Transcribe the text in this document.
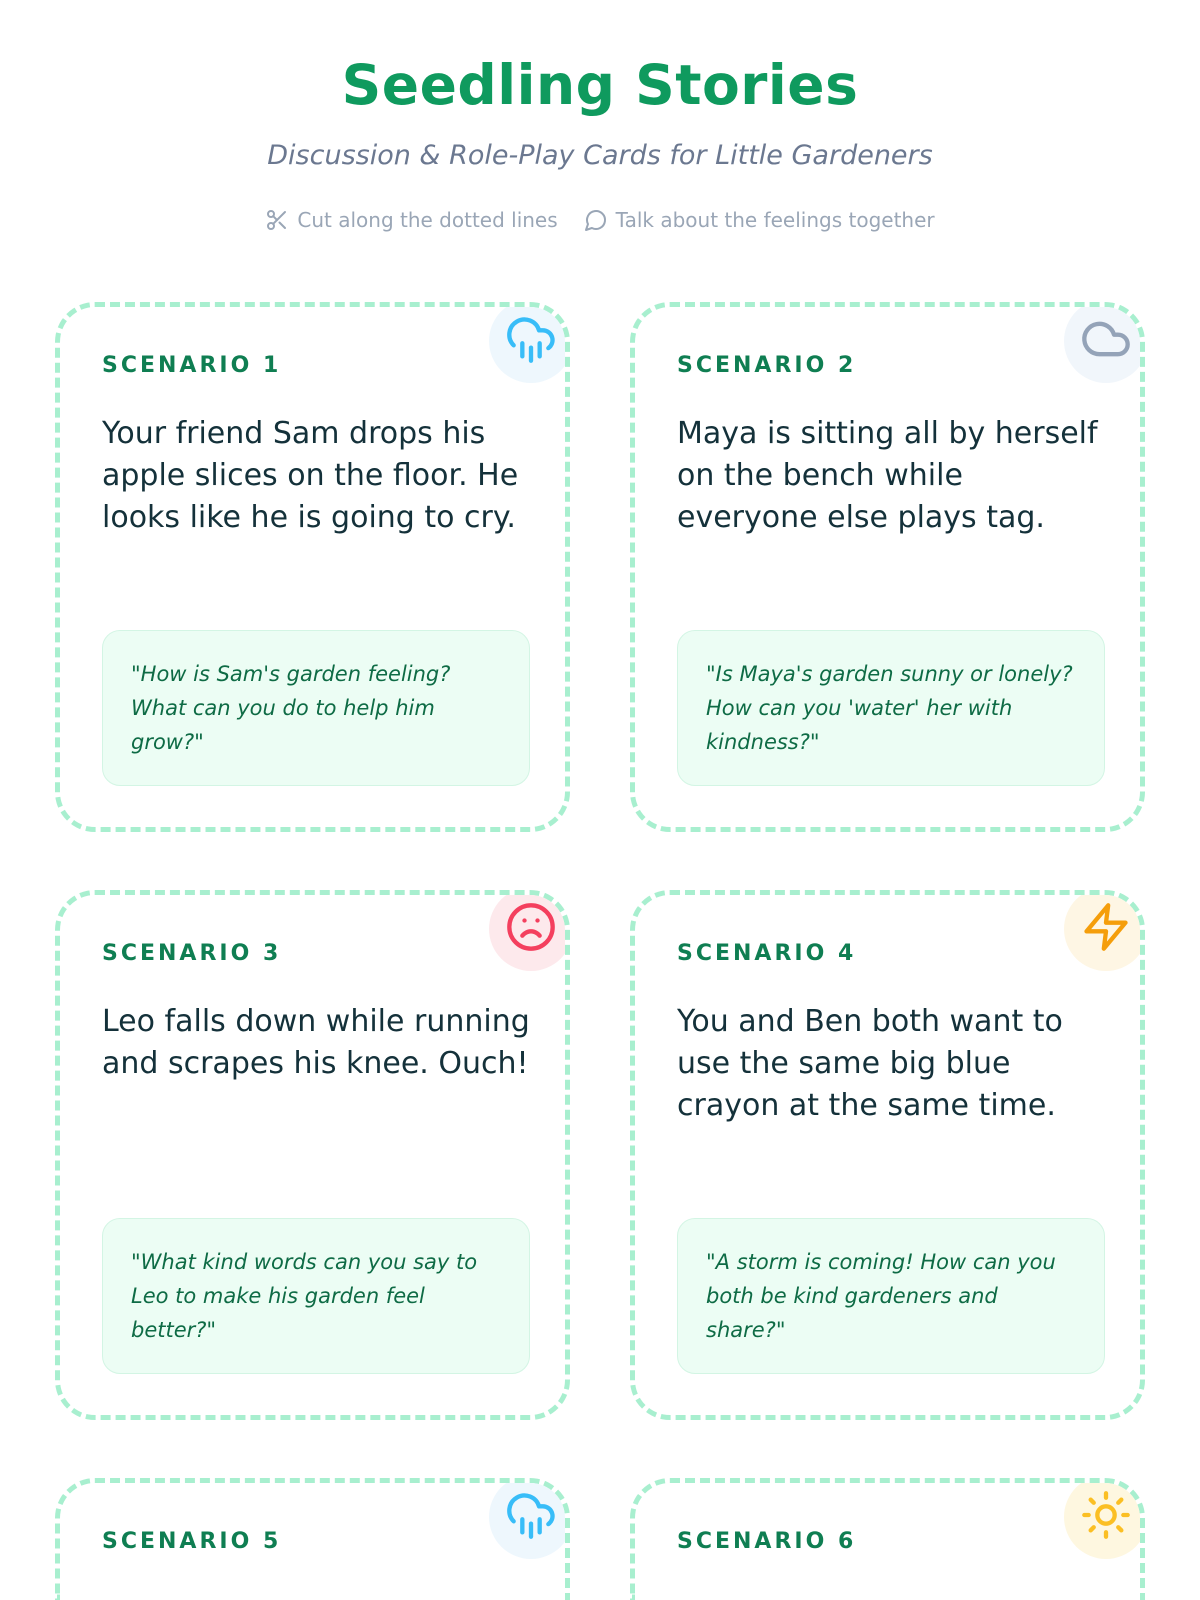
Seedling Stories
Discussion & Role-Play Cards for Little Gardeners
Cut along the dotted lines	Talk about the feelings together
SCENARIO 1
Your friend Sam drops his apple slices on the floor. He looks like he is going to cry.
"How is Sam's garden feeling? What can you do to help him grow?"
SCENARIO 2
Maya is sitting all by herself on the bench while everyone else plays tag.
"Is Maya's garden sunny or lonely? How can you 'water' her with kindness?"
SCENARIO 3
Leo falls down while running and scrapes his knee. Ouch!
"What kind words can you say to Leo to make his garden feel better?"
SCENARIO 4
You and Ben both want to use the same big blue crayon at the same time.
"A storm is coming! How can you both be kind gardeners and share?"
SCENARIO 5	SCENARIO 6
